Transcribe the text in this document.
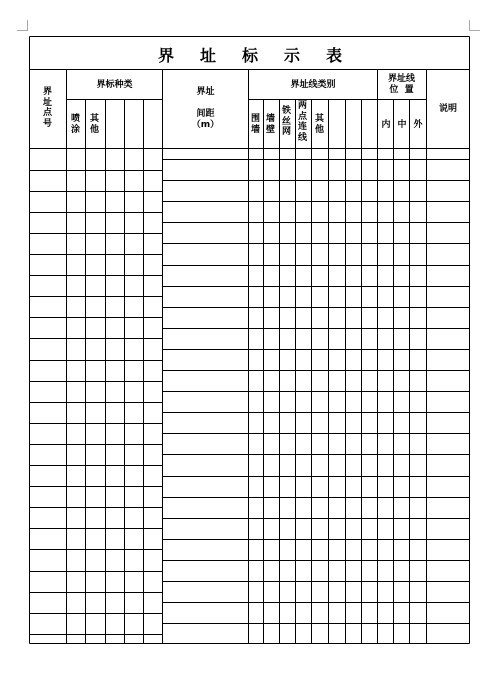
界址标示表
界标种类	界址线类别
界址线
位  置
界址
间距
（m）
说明
界址点号 喷涂
其他
围墙
墙壁
铁丝网
两点连线
其他	内 中 外
